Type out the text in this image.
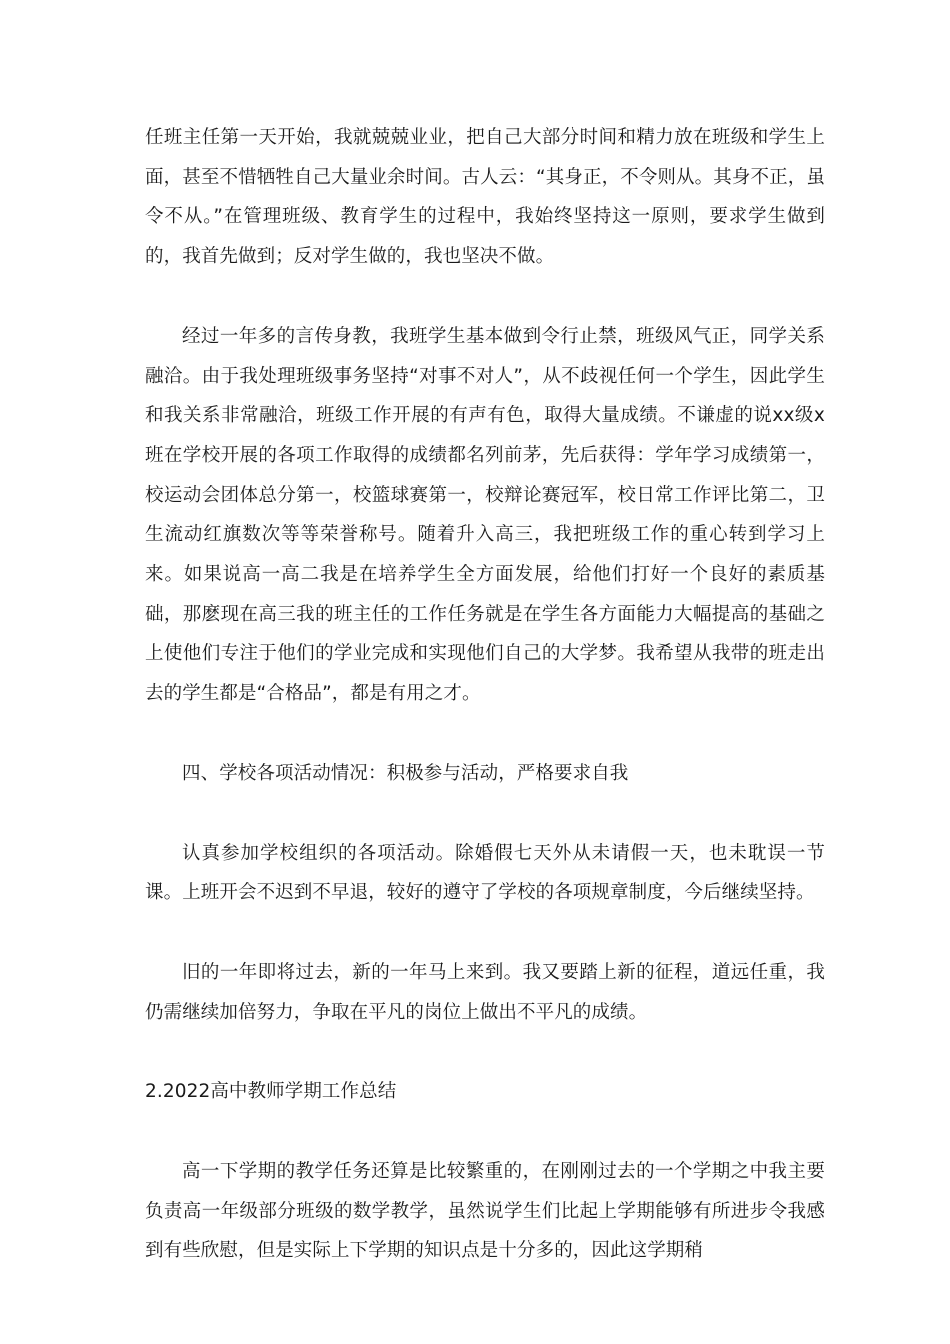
任班主任第一天开始，我就兢兢业业，把自己大部分时间和精力放在班级和学生上面，甚至不惜牺牲自己大量业余时间。古人云：“其身正，不令则从。其身不正，虽令不从。”在管理班级、教育学生的过程中，我始终坚持这一原则，要求学生做到的，我首先做到；反对学生做的，我也坚决不做。

经过一年多的言传身教，我班学生基本做到令行止禁，班级风气正，同学关系融洽。由于我处理班级事务坚持“对事不对人”，从不歧视任何一个学生，因此学生和我关系非常融洽，班级工作开展的有声有色，取得大量成绩。不谦虚的说xx级x班在学校开展的各项工作取得的成绩都名列前茅，先后获得：学年学习成绩第一，校运动会团体总分第一，校篮球赛第一，校辩论赛冠军，校日常工作评比第二，卫生流动红旗数次等等荣誉称号。随着升入高三，我把班级工作的重心转到学习上来。如果说高一高二我是在培养学生全方面发展，给他们打好一个良好的素质基础，那麽现在高三我的班主任的工作任务就是在学生各方面能力大幅提高的基础之上使他们专注于他们的学业完成和实现他们自己的大学梦。我希望从我带的班走出去的学生都是“合格品”，都是有用之才。

四、学校各项活动情况：积极参与活动，严格要求自我

认真参加学校组织的各项活动。除婚假七天外从未请假一天，也未耽误一节课。上班开会不迟到不早退，较好的遵守了学校的各项规章制度，今后继续坚持。

旧的一年即将过去，新的一年马上来到。我又要踏上新的征程，道远任重，我仍需继续加倍努力，争取在平凡的岗位上做出不平凡的成绩。

2.2022高中教师学期工作总结

高一下学期的教学任务还算是比较繁重的，在刚刚过去的一个学期之中我主要负责高一年级部分班级的数学教学，虽然说学生们比起上学期能够有所进步令我感到有些欣慰，但是实际上下学期的知识点是十分多的，因此这学期稍
